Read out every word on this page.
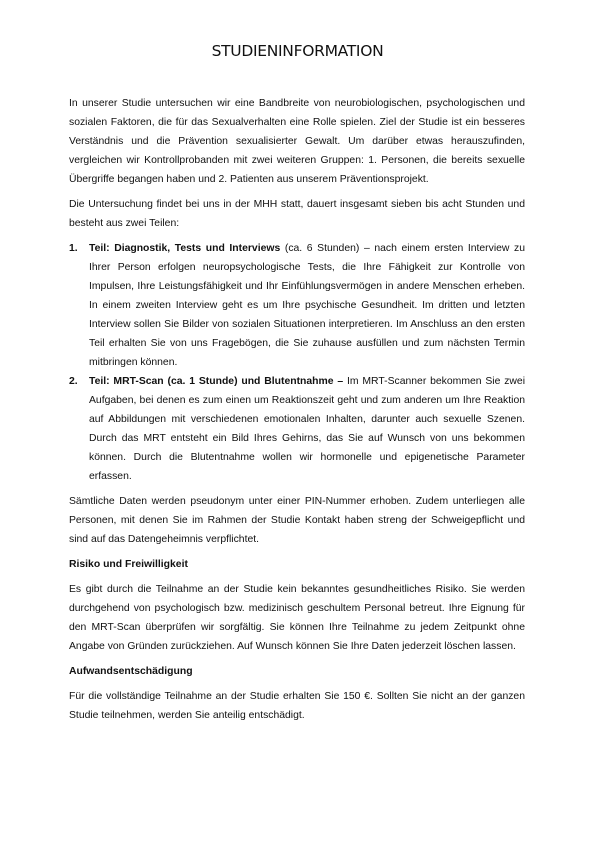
STUDIENINFORMATION

In unserer Studie untersuchen wir eine Bandbreite von neurobiologischen, psychologischen und sozialen Faktoren, die für das Sexualverhalten eine Rolle spielen. Ziel der Studie ist ein besseres Verständnis und die Prävention sexualisierter Gewalt. Um darüber etwas herauszufinden, vergleichen wir Kontrollprobanden mit zwei weiteren Gruppen: 1. Personen, die bereits sexuelle Übergriffe begangen haben und 2. Patienten aus unserem Präventionsprojekt.

Die Untersuchung findet bei uns in der MHH statt, dauert insgesamt sieben bis acht Stunden und besteht aus zwei Teilen:

1. Teil: Diagnostik, Tests und Interviews (ca. 6 Stunden) – nach einem ersten Interview zu Ihrer Person erfolgen neuropsychologische Tests, die Ihre Fähigkeit zur Kontrolle von Impulsen, Ihre Leistungsfähigkeit und Ihr Einfühlungsvermögen in andere Menschen erheben. In einem zweiten Interview geht es um Ihre psychische Gesundheit. Im dritten und letzten Interview sollen Sie Bilder von sozialen Situationen interpretieren. Im Anschluss an den ersten Teil erhalten Sie von uns Fragebögen, die Sie zuhause ausfüllen und zum nächsten Termin mitbringen können.
2. Teil: MRT-Scan (ca. 1 Stunde) und Blutentnahme – Im MRT-Scanner bekommen Sie zwei Aufgaben, bei denen es zum einen um Reaktionszeit geht und zum anderen um Ihre Reaktion auf Abbildungen mit verschiedenen emotionalen Inhalten, darunter auch sexuelle Szenen. Durch das MRT entsteht ein Bild Ihres Gehirns, das Sie auf Wunsch von uns bekommen können. Durch die Blutentnahme wollen wir hormonelle und epigenetische Parameter erfassen.

Sämtliche Daten werden pseudonym unter einer PIN-Nummer erhoben. Zudem unterliegen alle Personen, mit denen Sie im Rahmen der Studie Kontakt haben streng der Schweigepflicht und sind auf das Datengeheimnis verpflichtet.

Risiko und Freiwilligkeit

Es gibt durch die Teilnahme an der Studie kein bekanntes gesundheitliches Risiko. Sie werden durchgehend von psychologisch bzw. medizinisch geschultem Personal betreut. Ihre Eignung für den MRT-Scan überprüfen wir sorgfältig. Sie können Ihre Teilnahme zu jedem Zeitpunkt ohne Angabe von Gründen zurückziehen. Auf Wunsch können Sie Ihre Daten jederzeit löschen lassen.

Aufwandsentschädigung

Für die vollständige Teilnahme an der Studie erhalten Sie 150 €. Sollten Sie nicht an der ganzen Studie teilnehmen, werden Sie anteilig entschädigt.
